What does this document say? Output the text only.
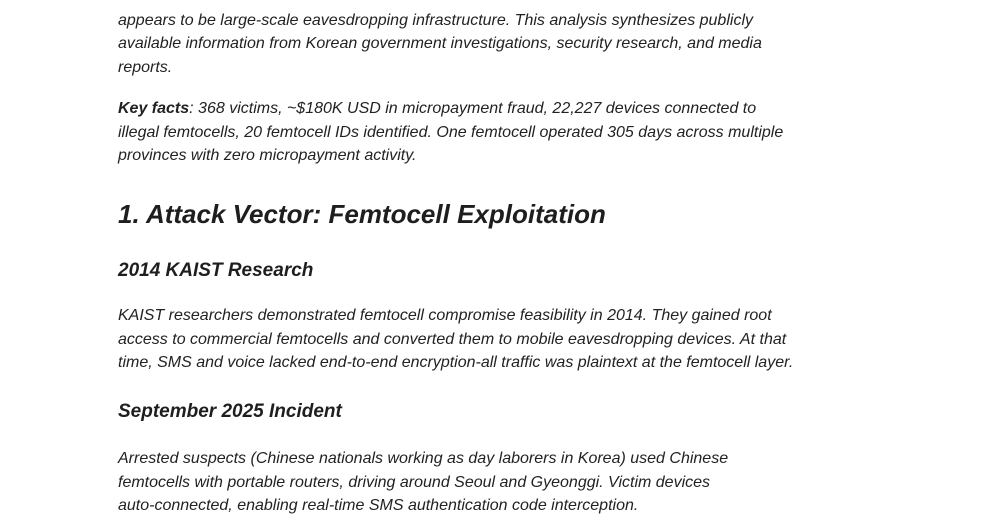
appears to be large-scale eavesdropping infrastructure. This analysis synthesizes publicly
available information from Korean government investigations, security research, and media
reports.

Key facts: 368 victims, ~$180K USD in micropayment fraud, 22,227 devices connected to
illegal femtocells, 20 femtocell IDs identified. One femtocell operated 305 days across multiple
provinces with zero micropayment activity.

1. Attack Vector: Femtocell Exploitation
2014 KAIST Research

KAIST researchers demonstrated femtocell compromise feasibility in 2014. They gained root
access to commercial femtocells and converted them to mobile eavesdropping devices. At that
time, SMS and voice lacked end-to-end encryption-all traffic was plaintext at the femtocell layer.

September 2025 Incident

Arrested suspects (Chinese nationals working as day laborers in Korea) used Chinese
femtocells with portable routers, driving around Seoul and Gyeonggi. Victim devices
auto-connected, enabling real-time SMS authentication code interception.
